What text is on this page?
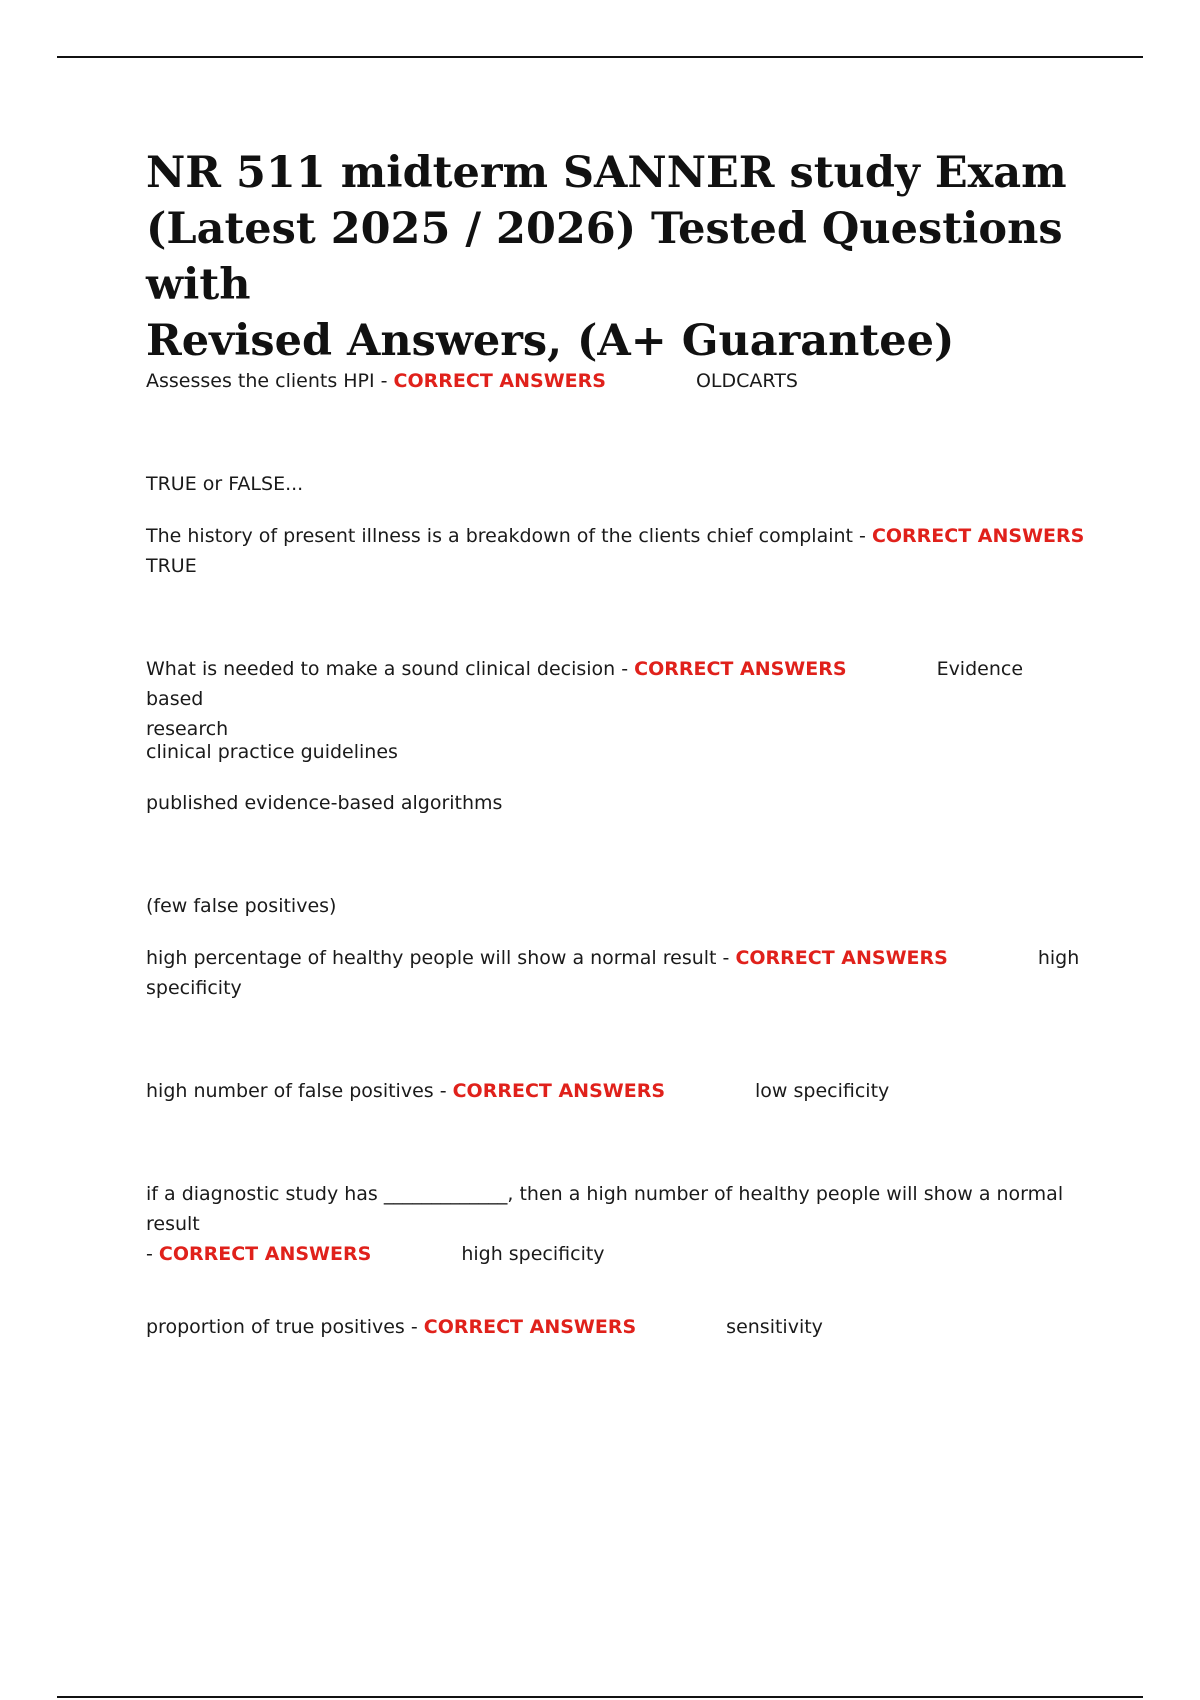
NR 511 midterm SANNER study Exam
(Latest 2025 / 2026) Tested Questions with
Revised Answers, (A+ Guarantee)

Assesses the clients HPI - CORRECT ANSWERS	OLDCARTS

TRUE or FALSE...

The history of present illness is a breakdown of the clients chief complaint - CORRECT ANSWERS
TRUE

What is needed to make a sound clinical decision - CORRECT ANSWERS	Evidence based
research

clinical practice guidelines

published evidence-based algorithms

(few false positives)

high percentage of healthy people will show a normal result - CORRECT ANSWERS	high
specificity

high number of false positives - CORRECT ANSWERS	low specificity

if a diagnostic study has _____________, then a high number of healthy people will show a normal result
- CORRECT ANSWERS	high specificity

proportion of true positives - CORRECT ANSWERS	sensitivity
